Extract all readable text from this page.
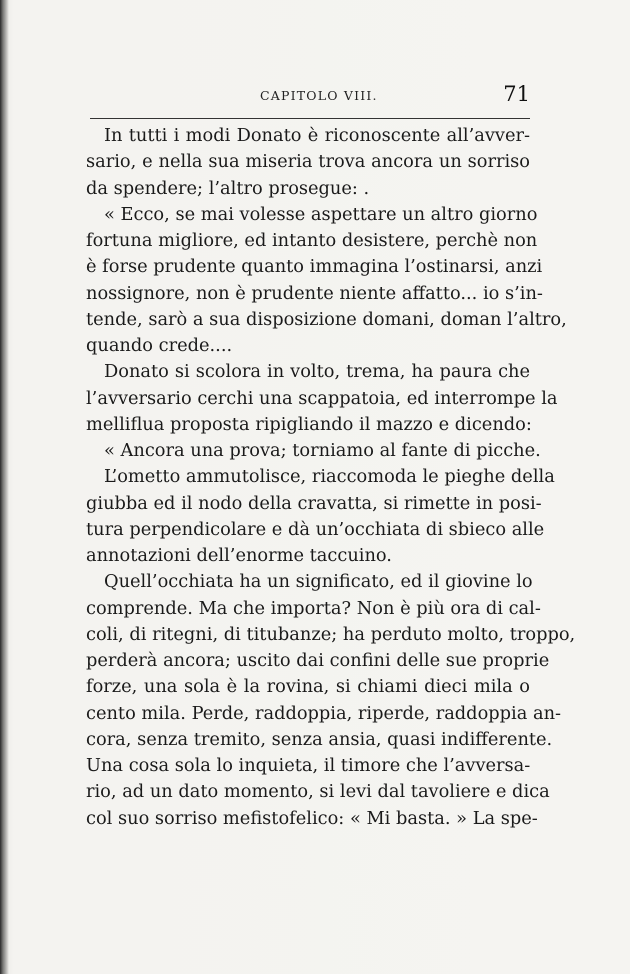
CAPITOLO VIII.	71
In tutti i modi Donato è riconoscente all’avver-
sario, e nella sua miseria trova ancora un sorriso
da spendere; l’altro prosegue: .
« Ecco, se mai volesse aspettare un altro giorno
fortuna migliore, ed intanto desistere, perchè non
è forse prudente quanto immagina l’ostinarsi, anzi
nossignore, non è prudente niente affatto... io s’in-
tende, sarò a sua disposizione domani, doman l’altro,
quando crede....
Donato si scolora in volto, trema, ha paura che
l’avversario cerchi una scappatoia, ed interrompe la
melliflua proposta ripigliando il mazzo e dicendo:
« Ancora una prova; torniamo al fante di picche.
L’ometto ammutolisce, riaccomoda le pieghe della
giubba ed il nodo della cravatta, si rimette in posi-
tura perpendicolare e dà un’occhiata di sbieco alle
annotazioni dell’enorme taccuino.
Quell’occhiata ha un significato, ed il giovine lo
comprende. Ma che importa? Non è più ora di cal-
coli, di ritegni, di titubanze; ha perduto molto, troppo,
perderà ancora; uscito dai confini delle sue proprie
forze, una sola è la rovina, si chiami dieci mila o
cento mila. Perde, raddoppia, riperde, raddoppia an-
cora, senza tremito, senza ansia, quasi indifferente.
Una cosa sola lo inquieta, il timore che l’avversa-
rio, ad un dato momento, si levi dal tavoliere e dica
col suo sorriso mefistofelico: « Mi basta. » La spe-
